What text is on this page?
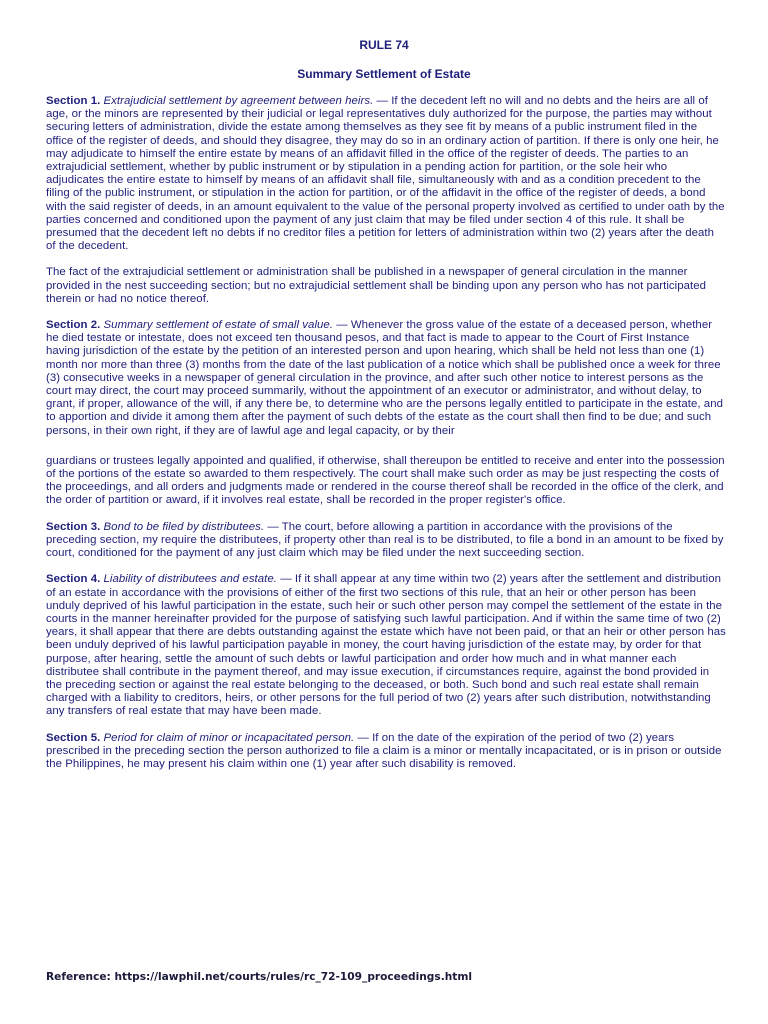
RULE 74
Summary Settlement of Estate

Section 1. Extrajudicial settlement by agreement between heirs. — If the decedent left no will and no debts and the heirs are all of age, or the minors are represented by their judicial or legal representatives duly authorized for the purpose, the parties may without securing letters of administration, divide the estate among themselves as they see fit by means of a public instrument filed in the office of the register of deeds, and should they disagree, they may do so in an ordinary action of partition. If there is only one heir, he may adjudicate to himself the entire estate by means of an affidavit filled in the office of the register of deeds. The parties to an extrajudicial settlement, whether by public instrument or by stipulation in a pending action for partition, or the sole heir who adjudicates the entire estate to himself by means of an affidavit shall file, simultaneously with and as a condition precedent to the filing of the public instrument, or stipulation in the action for partition, or of the affidavit in the office of the register of deeds, a bond with the said register of deeds, in an amount equivalent to the value of the personal property involved as certified to under oath by the parties concerned and conditioned upon the payment of any just claim that may be filed under section 4 of this rule. It shall be presumed that the decedent left no debts if no creditor files a petition for letters of administration within two (2) years after the death of the decedent.

The fact of the extrajudicial settlement or administration shall be published in a newspaper of general circulation in the manner provided in the nest succeeding section; but no extrajudicial settlement shall be binding upon any person who has not participated therein or had no notice thereof.

Section 2. Summary settlement of estate of small value. — Whenever the gross value of the estate of a deceased person, whether he died testate or intestate, does not exceed ten thousand pesos, and that fact is made to appear to the Court of First Instance having jurisdiction of the estate by the petition of an interested person and upon hearing, which shall be held not less than one (1) month nor more than three (3) months from the date of the last publication of a notice which shall be published once a week for three (3) consecutive weeks in a newspaper of general circulation in the province, and after such other notice to interest persons as the court may direct, the court may proceed summarily, without the appointment of an executor or administrator, and without delay, to grant, if proper, allowance of the will, if any there be, to determine who are the persons legally entitled to participate in the estate, and to apportion and divide it among them after the payment of such debts of the estate as the court shall then find to be due; and such persons, in their own right, if they are of lawful age and legal capacity, or by their

guardians or trustees legally appointed and qualified, if otherwise, shall thereupon be entitled to receive and enter into the possession of the portions of the estate so awarded to them respectively. The court shall make such order as may be just respecting the costs of the proceedings, and all orders and judgments made or rendered in the course thereof shall be recorded in the office of the clerk, and the order of partition or award, if it involves real estate, shall be recorded in the proper register's office.

Section 3. Bond to be filed by distributees. — The court, before allowing a partition in accordance with the provisions of the preceding section, my require the distributees, if property other than real is to be distributed, to file a bond in an amount to be fixed by court, conditioned for the payment of any just claim which may be filed under the next succeeding section.

Section 4. Liability of distributees and estate. — If it shall appear at any time within two (2) years after the settlement and distribution of an estate in accordance with the provisions of either of the first two sections of this rule, that an heir or other person has been unduly deprived of his lawful participation in the estate, such heir or such other person may compel the settlement of the estate in the courts in the manner hereinafter provided for the purpose of satisfying such lawful participation. And if within the same time of two (2) years, it shall appear that there are debts outstanding against the estate which have not been paid, or that an heir or other person has been unduly deprived of his lawful participation payable in money, the court having jurisdiction of the estate may, by order for that purpose, after hearing, settle the amount of such debts or lawful participation and order how much and in what manner each distributee shall contribute in the payment thereof, and may issue execution, if circumstances require, against the bond provided in the preceding section or against the real estate belonging to the deceased, or both. Such bond and such real estate shall remain charged with a liability to creditors, heirs, or other persons for the full period of two (2) years after such distribution, notwithstanding any transfers of real estate that may have been made.

Section 5. Period for claim of minor or incapacitated person. — If on the date of the expiration of the period of two (2) years prescribed in the preceding section the person authorized to file a claim is a minor or mentally incapacitated, or is in prison or outside the Philippines, he may present his claim within one (1) year after such disability is removed.

Reference: https://lawphil.net/courts/rules/rc_72-109_proceedings.html
